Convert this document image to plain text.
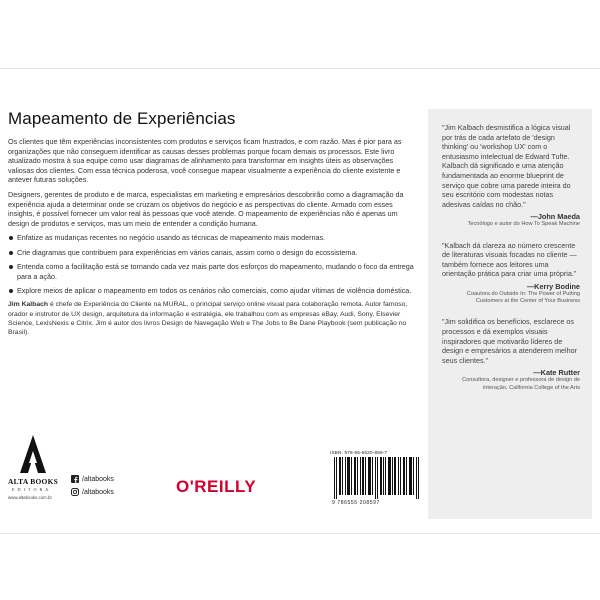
Mapeamento de Experiências

Os clientes que têm experiências inconsistentes com produtos e serviços ficam frustrados, e com razão. Mas é pior para as organizações que não conseguem identificar as causas desses problemas porque focam demais os processos. Este livro atualizado mostra à sua equipe como usar diagramas de alinhamento para transformar em insights úteis as observações valiosas dos clientes. Com essa técnica poderosa, você consegue mapear visualmente a experiência do cliente existente e antever futuras soluções.

Designers, gerentes de produto e de marca, especialistas em marketing e empresários descobrirão como a diagramação da experiência ajuda a determinar onde se cruzam os objetivos do negócio e as perspectivas do cliente. Armado com esses insights, é possível fornecer um valor real às pessoas que você atende. O mapeamento de experiências não é apenas um design de produtos e serviços, mas um meio de entender a condição humana.

Enfatize as mudanças recentes no negócio usando as técnicas de mapeamento mais modernas.
Crie diagramas que contribuem para experiências em vários canais, assim como o design do ecossistema.
Entenda como a facilitação está se tornando cada vez mais parte dos esforços do mapeamento, mudando o foco da entrega para a ação.
Explore meios de aplicar o mapeamento em todos os cenários não comerciais, como ajudar vítimas de violência doméstica.

Jim Kalbach é chefe de Experiência do Cliente na MURAL, o principal serviço online visual para colaboração remota. Autor famoso, orador e instrutor de UX design, arquitetura da informação e estratégia, ele trabalhou com as empresas eBay, Audi, Sony, Elsevier Science, LexisNexis e Citrix. Jim é autor dos livros Design de Navegação Web e The Jobs to Be Dane Playbook (sem publicação no Brasil).

"Jim Kalbach desmistifica a lógica visual por trás de cada artefato de 'design thinking' ou 'workshop UX' com o entusiasmo intelectual de Edward Tufte. Kalbach dá significado e uma atenção fundamentada ao enorme blueprint de serviço que cobre uma parede inteira do seu escritório com modestas notas adesivas caídas no chão."

—John Maeda

Tecnólogo e autor do How To Speak Machine

"Kalbach dá clareza ao número crescente de literaturas visuais focadas no cliente — também fornece aos leitores uma orientação prática para criar uma própria."

—Kerry Bodine

Coautora do Outside In: The Power of Putting Customers at the Center of Your Business

"Jim solidifica os benefícios, esclarece os processos e dá exemplos visuais inspiradores que motivarão líderes de design e empresários a atenderem melhor seus clientes."

—Kate Rutter

Consultora, designer e professora de design de interação, California College of the Arts

ALTA BOOKS
EDITORA
www.altabooks.com.br
/altabooks
/altabooks	O'REILLY
ISBN: 978-65-5520-859-7
9 786555 208597
